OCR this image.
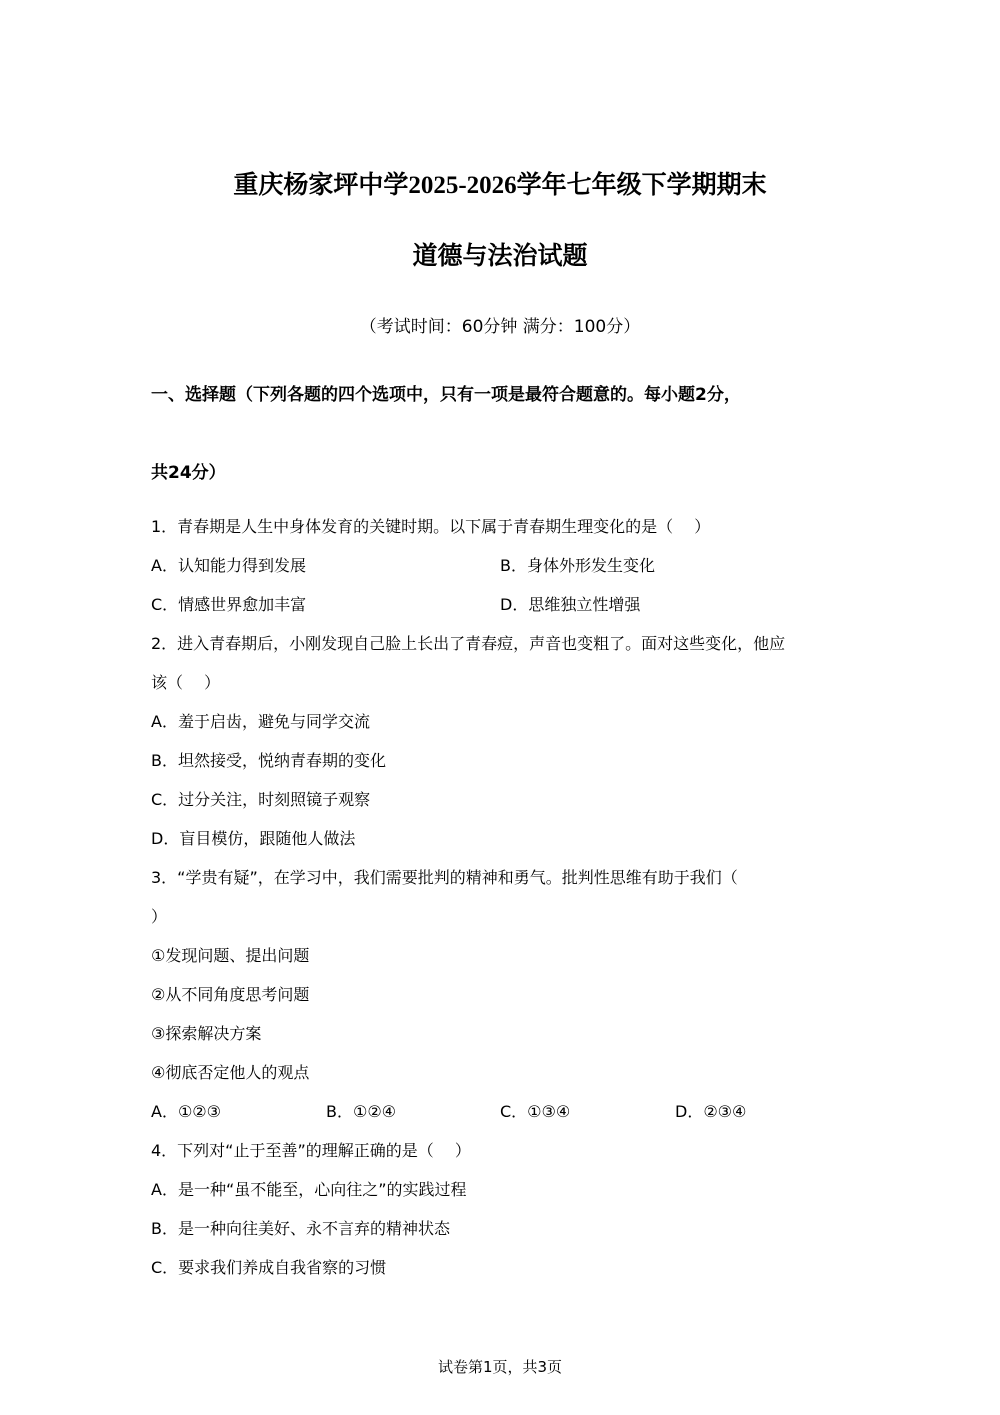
重庆杨家坪中学2025-2026学年七年级下学期期末
道德与法治试题
（考试时间：60分钟 满分：100分）
一、选择题（下列各题的四个选项中，只有一项是最符合题意的。每小题2分，
共24分）
1．青春期是人生中身体发育的关键时期。以下属于青春期生理变化的是（　 ）
A．认知能力得到发展	B．身体外形发生变化
C．情感世界愈加丰富	D．思维独立性增强
2．进入青春期后，小刚发现自己脸上长出了青春痘，声音也变粗了。面对这些变化，他应
该（　 ）
A．羞于启齿，避免与同学交流
B．坦然接受，悦纳青春期的变化
C．过分关注，时刻照镜子观察
D．盲目模仿，跟随他人做法
3．“学贵有疑”，在学习中，我们需要批判的精神和勇气。批判性思维有助于我们（
）
①发现问题、提出问题
②从不同角度思考问题
③探索解决方案
④彻底否定他人的观点
A．①②③	B．①②④	C．①③④	D．②③④
4．下列对“止于至善”的理解正确的是（　 ）
A．是一种“虽不能至，心向往之”的实践过程
B．是一种向往美好、永不言弃的精神状态
C．要求我们养成自我省察的习惯
试卷第1页，共3页
